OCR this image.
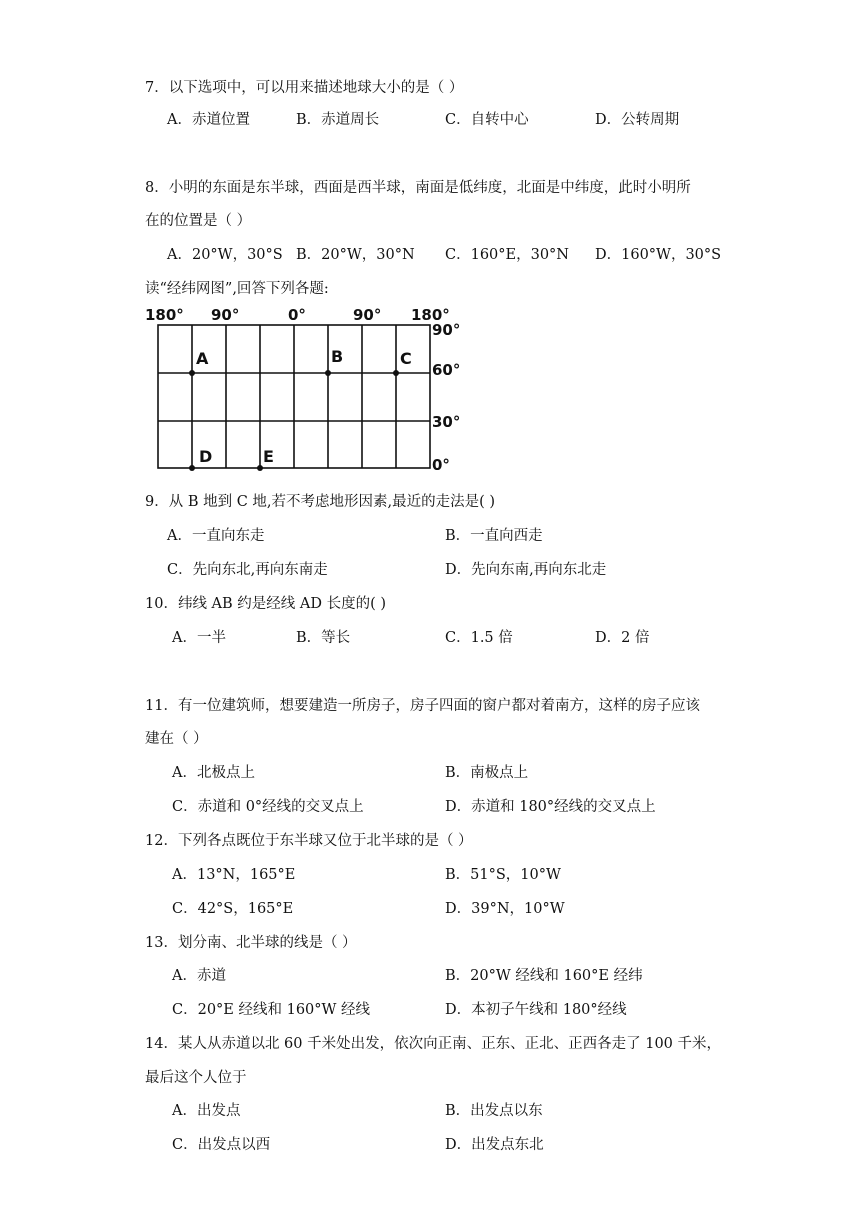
7．以下选项中，可以用来描述地球大小的是（ ）
A．赤道位置	B．赤道周长	C．自转中心	D．公转周期
8．小明的东面是东半球，西面是西半球，南面是低纬度，北面是中纬度，此时小明所
在的位置是（ ）
A．20°W，30°S B．20°W，30°N C．160°E，30°N D．160°W，30°S
读“经纬网图”,回答下列各题:
180° 90°	0°	90° 180°
90°
60°
30°
0°
A	B	C
D	E
9．从 B 地到 C 地,若不考虑地形因素,最近的走法是( )
A．一直向东走	B．一直向西走
C．先向东北,再向东南走	D．先向东南,再向东北走
10．纬线 AB 约是经线 AD 长度的( )
A．一半	B．等长	C．1.5 倍	D．2 倍
11．有一位建筑师，想要建造一所房子，房子四面的窗户都对着南方，这样的房子应该
建在（ ）
A．北极点上	B．南极点上
C．赤道和 0°经线的交叉点上	D．赤道和 180°经线的交叉点上
12．下列各点既位于东半球又位于北半球的是（ ）
A．13°N，165°E	B．51°S，10°W
C．42°S，165°E	D．39°N，10°W
13．划分南、北半球的线是（ ）
A．赤道	B．20°W 经线和 160°E 经纬
C．20°E 经线和 160°W 经线	D．本初子午线和 180°经线
14．某人从赤道以北 60 千米处出发，依次向正南、正东、正北、正西各走了 100 千米，
最后这个人位于
A．出发点	B．出发点以东
C．出发点以西	D．出发点东北
